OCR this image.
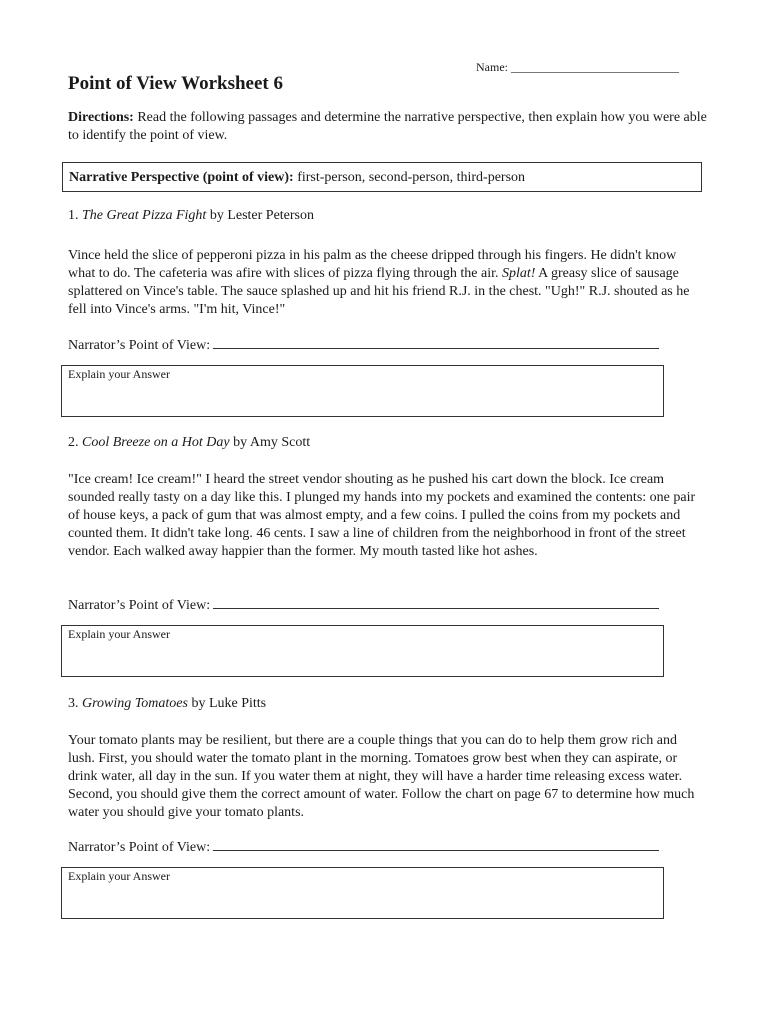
Name: ____________________________
Point of View Worksheet 6
Directions: Read the following passages and determine the narrative perspective, then explain how you were able to identify the point of view.
Narrative Perspective (point of view): first-person, second-person, third-person
1. The Great Pizza Fight by Lester Peterson
Vince held the slice of pepperoni pizza in his palm as the cheese dripped through his fingers. He didn't know what to do. The cafeteria was afire with slices of pizza flying through the air. Splat! A greasy slice of sausage splattered on Vince's table. The sauce splashed up and hit his friend R.J. in the chest. "Ugh!" R.J. shouted as he fell into Vince's arms. "I'm hit, Vince!"
Narrator’s Point of View:
Explain your Answer
2. Cool Breeze on a Hot Day by Amy Scott
"Ice cream! Ice cream!" I heard the street vendor shouting as he pushed his cart down the block. Ice cream sounded really tasty on a day like this. I plunged my hands into my pockets and examined the contents: one pair of house keys, a pack of gum that was almost empty, and a few coins. I pulled the coins from my pockets and counted them. It didn't take long. 46 cents. I saw a line of children from the neighborhood in front of the street vendor. Each walked away happier than the former. My mouth tasted like hot ashes.
Narrator’s Point of View:
Explain your Answer
3. Growing Tomatoes by Luke Pitts
Your tomato plants may be resilient, but there are a couple things that you can do to help them grow rich and lush. First, you should water the tomato plant in the morning. Tomatoes grow best when they can aspirate, or drink water, all day in the sun. If you water them at night, they will have a harder time releasing excess water. Second, you should give them the correct amount of water. Follow the chart on page 67 to determine how much water you should give your tomato plants.
Narrator’s Point of View:
Explain your Answer
